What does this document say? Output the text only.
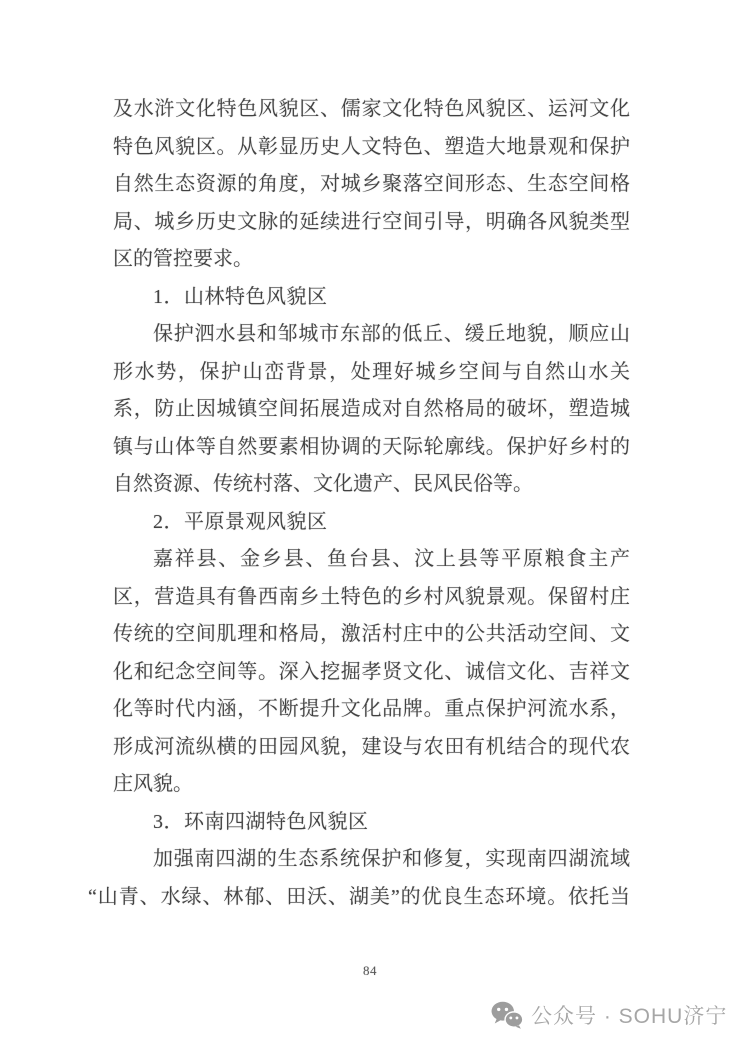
及水浒文化特色风貌区、儒家文化特色风貌区、运河文化
特色风貌区。从彰显历史人文特色、塑造大地景观和保护
自然生态资源的角度，对城乡聚落空间形态、生态空间格
局、城乡历史文脉的延续进行空间引导，明确各风貌类型
区的管控要求。
1．山林特色风貌区
保护泗水县和邹城市东部的低丘、缓丘地貌，顺应山
形水势，保护山峦背景，处理好城乡空间与自然山水关
系，防止因城镇空间拓展造成对自然格局的破坏，塑造城
镇与山体等自然要素相协调的天际轮廓线。保护好乡村的
自然资源、传统村落、文化遗产、民风民俗等。
2．平原景观风貌区
嘉祥县、金乡县、鱼台县、汶上县等平原粮食主产
区，营造具有鲁西南乡土特色的乡村风貌景观。保留村庄
传统的空间肌理和格局，激活村庄中的公共活动空间、文
化和纪念空间等。深入挖掘孝贤文化、诚信文化、吉祥文
化等时代内涵，不断提升文化品牌。重点保护河流水系，
形成河流纵横的田园风貌，建设与农田有机结合的现代农
庄风貌。
3．环南四湖特色风貌区
加强南四湖的生态系统保护和修复，实现南四湖流域
“山青、水绿、林郁、田沃、湖美”的优良生态环境。依托当
84
公众号 · SOHU济宁
